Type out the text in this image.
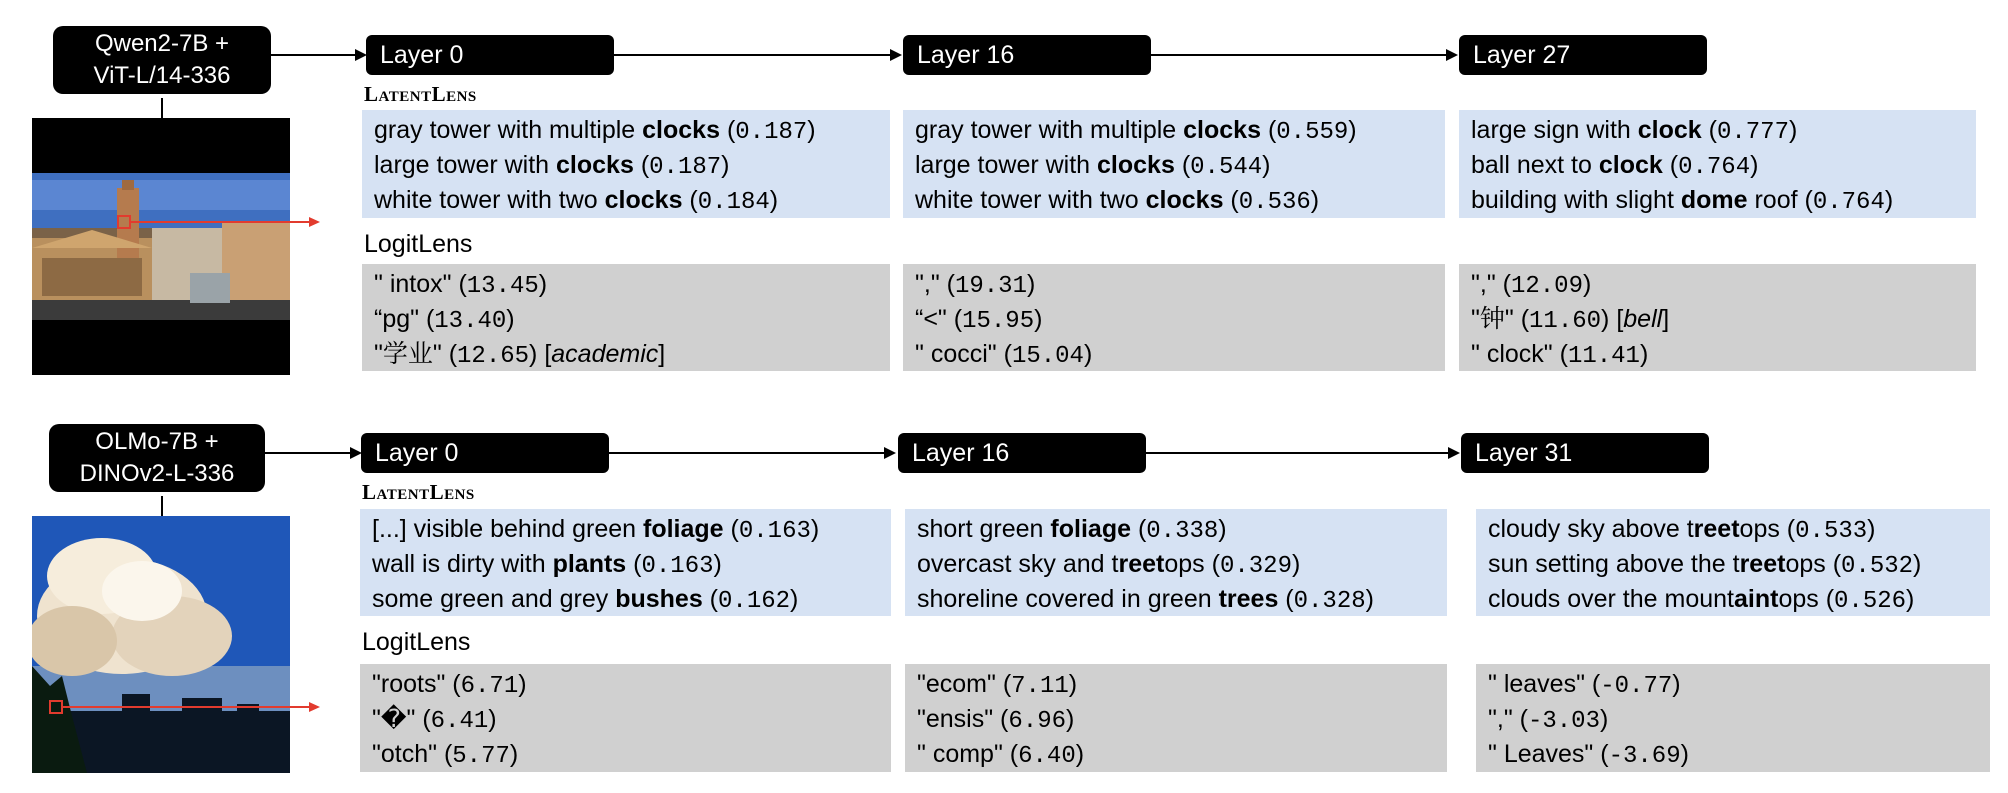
Qwen2-7B +
ViT-L/14-336
Layer 0	Layer 16	Layer 27
LatentLens
LogitLens
gray tower with multiple clocks (0.187)
large tower with clocks (0.187)
white tower with two clocks (0.184)
gray tower with multiple clocks (0.559)
large tower with clocks (0.544)
white tower with two clocks (0.536)
large sign with clock (0.777)
ball next to clock (0.764)
building with slight dome roof (0.764)
" intox" (13.45)
“pg" (13.40)
"学业" (12.65) [academic]
"," (19.31)
“<" (15.95)
" cocci" (15.04)
"," (12.09)
"钟" (11.60) [bell]
" clock" (11.41)
OLMo-7B +
DINOv2-L-336
Layer 0	Layer 16	Layer 31
LatentLens
LogitLens
[...] visible behind green foliage (0.163)
wall is dirty with plants (0.163)
some green and grey bushes (0.162)
short green foliage (0.338)
overcast sky and treetops (0.329)
shoreline covered in green trees (0.328)
cloudy sky above treetops (0.533)
sun setting above the treetops (0.532)
clouds over the mountaintops (0.526)
"roots" (6.71)
"�" (6.41)
"otch" (5.77)
"ecom" (7.11)
"ensis" (6.96)
" comp" (6.40)
" leaves" (-0.77)
"," (-3.03)
" Leaves" (-3.69)
